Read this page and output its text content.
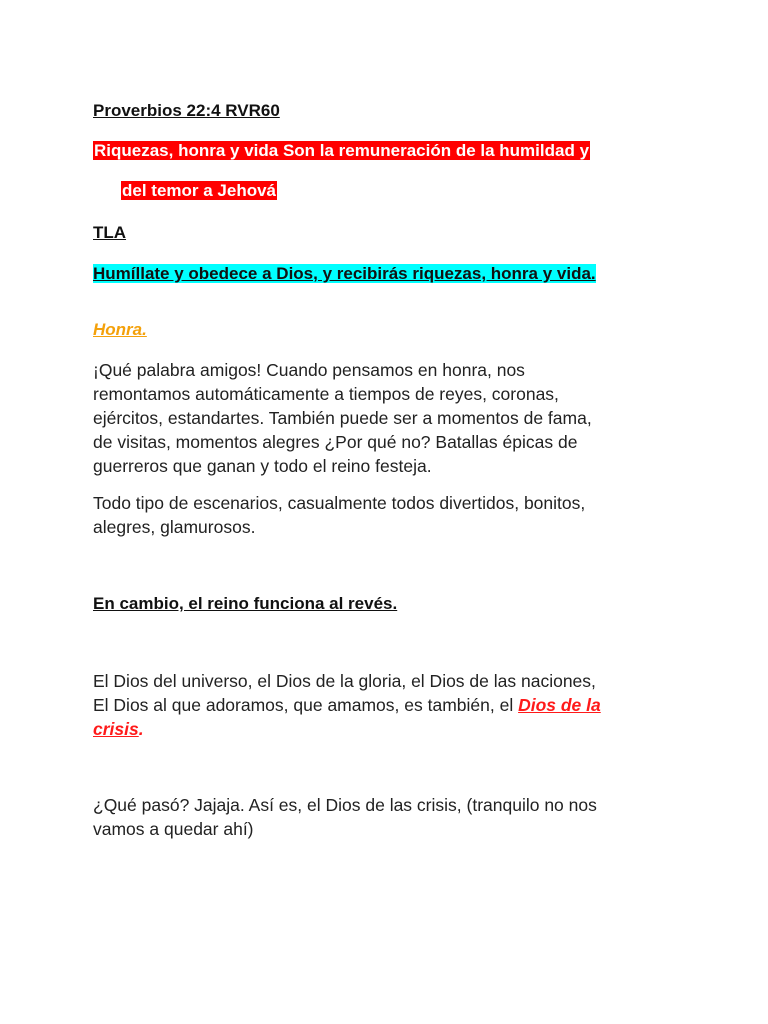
Proverbios 22:4 RVR60
Riquezas, honra y vida Son la remuneración de la humildad y
del temor a Jehová
TLA
Humíllate y obedece a Dios, y recibirás riquezas, honra y vida.
Honra.
¡Qué palabra amigos! Cuando pensamos en honra, nos
remontamos automáticamente a tiempos de reyes, coronas,
ejércitos, estandartes. También puede ser a momentos de fama,
de visitas, momentos alegres ¿Por qué no? Batallas épicas de
guerreros que ganan y todo el reino festeja.
Todo tipo de escenarios, casualmente todos divertidos, bonitos,
alegres, glamurosos.
En cambio, el reino funciona al revés.
El Dios del universo, el Dios de la gloria, el Dios de las naciones,
El Dios al que adoramos, que amamos, es también, el Dios de la
crisis.
¿Qué pasó? Jajaja. Así es, el Dios de las crisis, (tranquilo no nos
vamos a quedar ahí)
